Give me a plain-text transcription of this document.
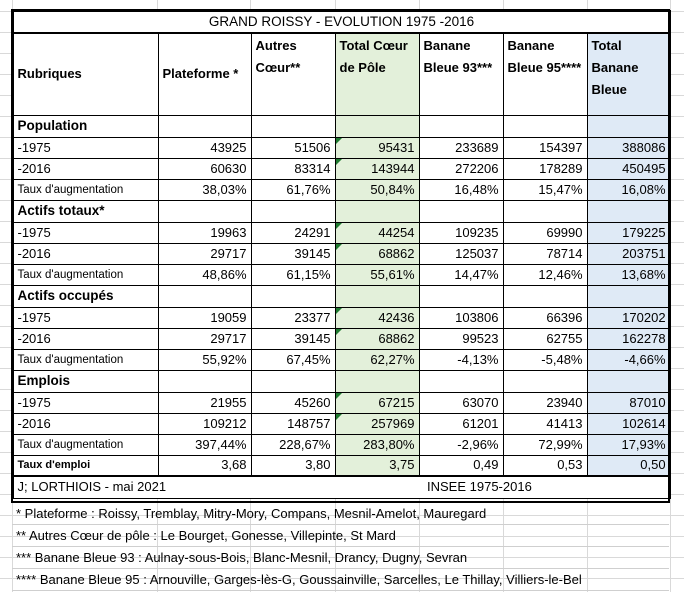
GRAND ROISSY - EVOLUTION 1975 -2016						
Rubriques	Plateforme *	Autres Cœur**	Total Cœur de Pôle	Banane Bleue 93***	Banane Bleue 95****	Total Banane Bleue
Population						
-1975	43925	51506	95431	233689	154397	388086
-2016	60630	83314	143944	272206	178289	450495
Taux d'augmentation	38,03%	61,76%	50,84%	16,48%	15,47%	16,08%
Actifs totaux*						
-1975	19963	24291	44254	109235	69990	179225
-2016	29717	39145	68862	125037	78714	203751
Taux d'augmentation	48,86%	61,15%	55,61%	14,47%	12,46%	13,68%
Actifs occupés						
-1975	19059	23377	42436	103806	66396	170202
-2016	29717	39145	68862	99523	62755	162278
Taux d'augmentation	55,92%	67,45%	62,27%	-4,13%	-5,48%	-4,66%
Emplois						
-1975	21955	45260	67215	63070	23940	87010
-2016	109212	148757	257969	61201	41413	102614
Taux d'augmentation	397,44%	228,67%	283,80%	-2,96%	72,99%	17,93%
Taux d'emploi	3,68	3,80	3,75	0,49	0,53	0,50
J; LORTHIOIS - mai 2021				INSEE 1975-2016		
* Plateforme : Roissy, Tremblay, Mitry-Mory, Compans, Mesnil-Amelot, Mauregard
** Autres Cœur de pôle : Le Bourget, Gonesse, Villepinte, St Mard
*** Banane Bleue 93 : Aulnay-sous-Bois, Blanc-Mesnil, Drancy, Dugny, Sevran
**** Banane Bleue 95 : Arnouville, Garges-lès-G, Goussainville, Sarcelles, Le Thillay, Villiers-le-Bel
